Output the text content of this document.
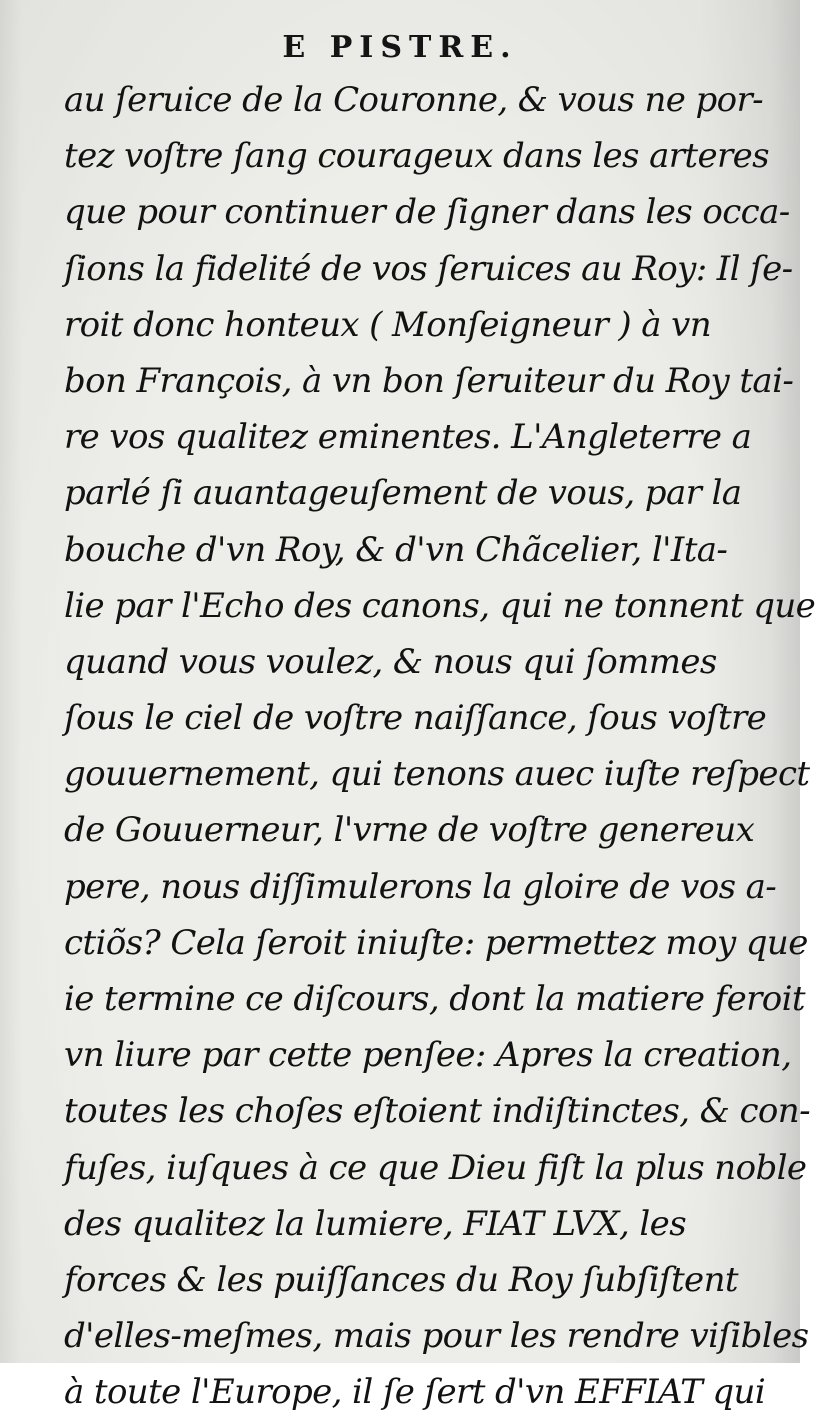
E PISTRE.
au ſeruice de la Couronne, & vous ne por-
tez voſtre ſang courageux dans les arteres
que pour continuer de ſigner dans les occa-
ſions la fidelité de vos ſeruices au Roy: Il ſe-
roit donc honteux ( Monſeigneur ) à vn
bon François, à vn bon ſeruiteur du Roy tai-
re vos qualitez eminentes. L'Angleterre a
parlé ſi auantageuſement de vous, par la
bouche d'vn Roy, & d'vn Chãcelier, l'Ita-
lie par l'Echo des canons, qui ne tonnent que
quand vous voulez, & nous qui ſommes
ſous le ciel de voſtre naiſſance, ſous voſtre
gouuernement, qui tenons auec iuſte reſpect
de Gouuerneur, l'vrne de voſtre genereux
pere, nous diſſimulerons la gloire de vos a-
ctiõs? Cela ſeroit iniuſte: permettez moy que
ie termine ce diſcours, dont la matiere feroit
vn liure par cette penſee: Apres la creation,
toutes les choſes eſtoient indiſtinctes, & con-
fuſes, iuſques à ce que Dieu fiſt la plus noble
des qualitez la lumiere, FIAT LVX, les
forces & les puiſſances du Roy ſubſiſtent
d'elles-meſmes, mais pour les rendre viſibles
à toute l'Europe, il ſe ſert d'vn EFFIAT qui
